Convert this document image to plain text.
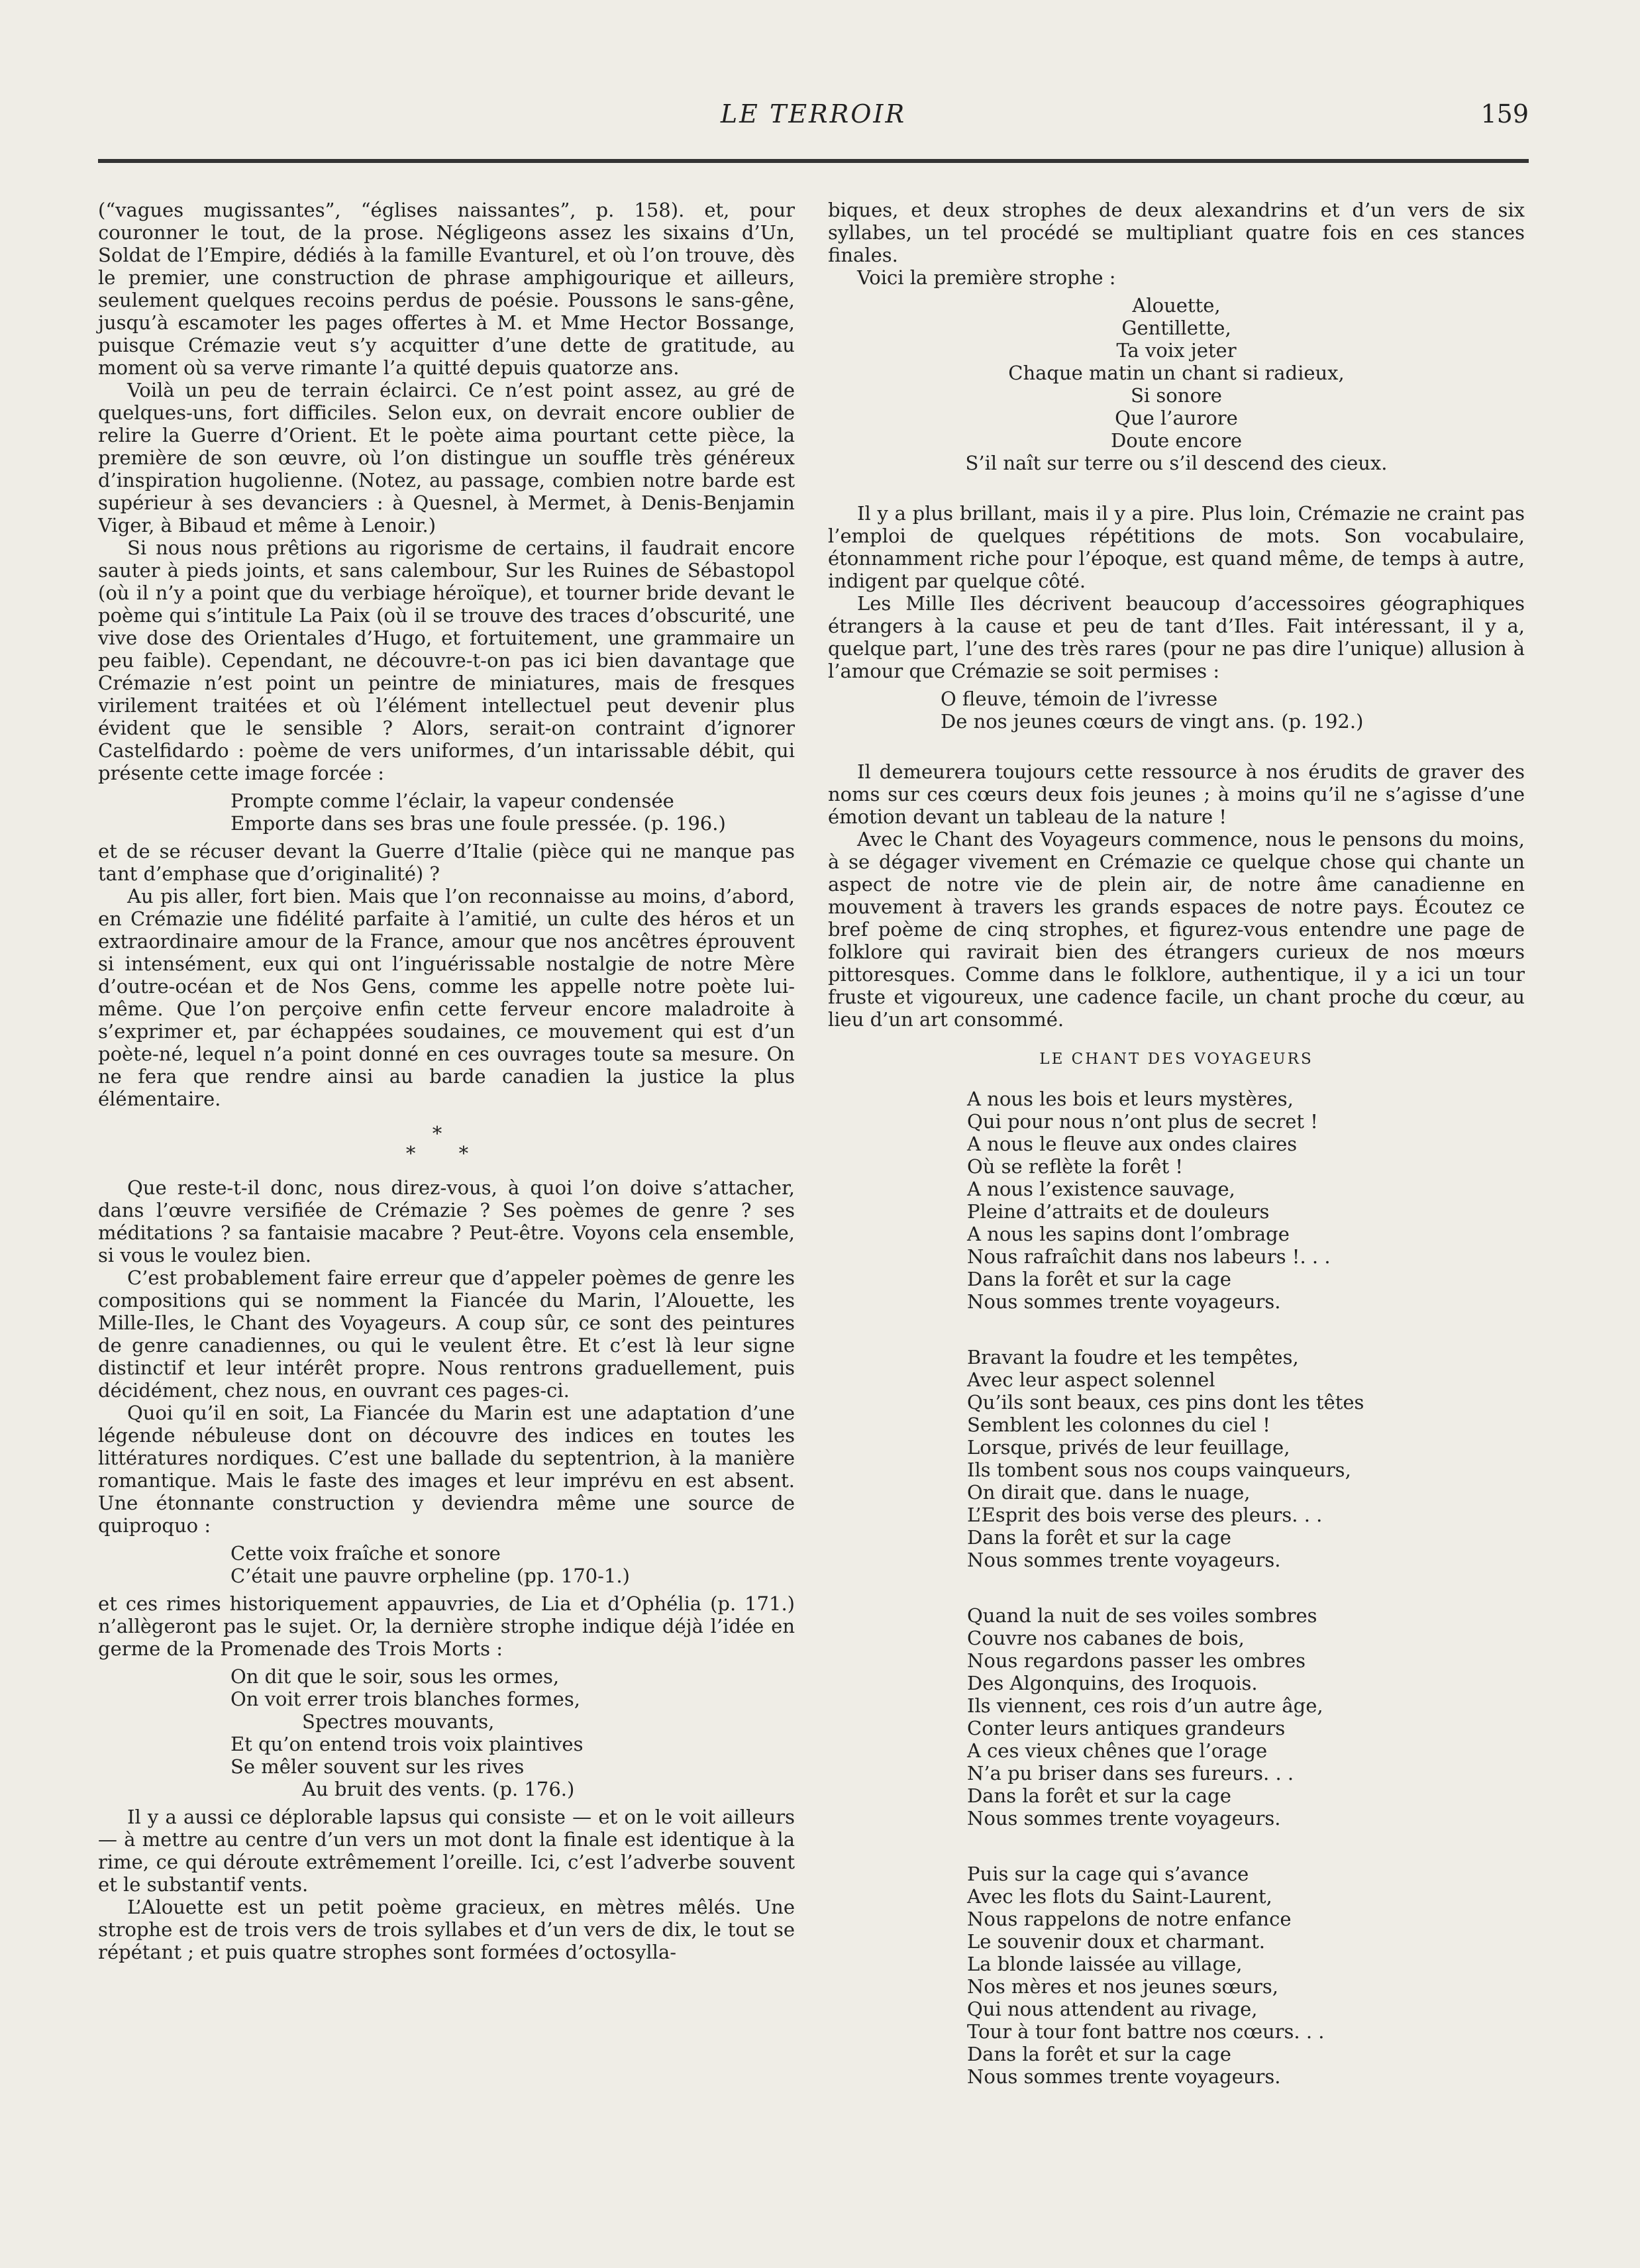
LE TERROIR	159

(“vagues mugissantes”, “églises naissantes”, p. 158). et, pour couronner le tout, de la prose. Négligeons assez les sixains d’Un, Soldat de l’Empire, dédiés à la famille Evanturel, et où l’on trouve, dès le premier, une construction de phrase amphigourique et ailleurs, seulement quelques recoins perdus de poésie. Poussons le sans-gêne, jusqu’à escamoter les pages offertes à M. et Mme Hector Bossange, puisque Crémazie veut s’y acquitter d’une dette de gratitude, au moment où sa verve rimante l’a quitté depuis quatorze ans.

Voilà un peu de terrain éclairci. Ce n’est point assez, au gré de quelques-uns, fort difficiles. Selon eux, on devrait encore oublier de relire la Guerre d’Orient. Et le poète aima pourtant cette pièce, la première de son œuvre, où l’on distingue un souffle très généreux d’inspiration hugolienne. (Notez, au passage, combien notre barde est supérieur à ses devanciers : à Quesnel, à Mermet, à Denis-Benjamin Viger, à Bibaud et même à Lenoir.)

Si nous nous prêtions au rigorisme de certains, il faudrait encore sauter à pieds joints, et sans calembour, Sur les Ruines de Sébastopol (où il n’y a point que du verbiage héroïque), et tourner bride devant le poème qui s’intitule La Paix (où il se trouve des traces d’obscurité, une vive dose des Orientales d’Hugo, et fortuitement, une grammaire un peu faible). Cependant, ne découvre-t-on pas ici bien davantage que Crémazie n’est point un peintre de miniatures, mais de fresques virilement traitées et où l’élément intellectuel peut devenir plus évident que le sensible ? Alors, serait-on contraint d’ignorer Castelfidardo : poème de vers uniformes, d’un intarissable débit, qui présente cette image forcée :

Prompte comme l’éclair, la vapeur condensée
Emporte dans ses bras une foule pressée. (p. 196.)

et de se récuser devant la Guerre d’Italie (pièce qui ne manque pas tant d’emphase que d’originalité) ?

Au pis aller, fort bien. Mais que l’on reconnaisse au moins, d’abord, en Crémazie une fidélité parfaite à l’amitié, un culte des héros et un extraordinaire amour de la France, amour que nos ancêtres éprouvent si intensément, eux qui ont l’inguérissable nostalgie de notre Mère d’outre-océan et de Nos Gens, comme les appelle notre poète lui-même. Que l’on perçoive enfin cette ferveur encore maladroite à s’exprimer et, par échappées soudaines, ce mouvement qui est d’un poète-né, lequel n’a point donné en ces ouvrages toute sa mesure. On ne fera que rendre ainsi au barde canadien la justice la plus élémentaire.

*
* *

Que reste-t-il donc, nous direz-vous, à quoi l’on doive s’attacher, dans l’œuvre versifiée de Crémazie ? Ses poèmes de genre ? ses méditations ? sa fantaisie macabre ? Peut-être. Voyons cela ensemble, si vous le voulez bien.

C’est probablement faire erreur que d’appeler poèmes de genre les compositions qui se nomment la Fiancée du Marin, l’Alouette, les Mille-Iles, le Chant des Voyageurs. A coup sûr, ce sont des peintures de genre canadiennes, ou qui le veulent être. Et c’est là leur signe distinctif et leur intérêt propre. Nous rentrons graduellement, puis décidément, chez nous, en ouvrant ces pages-ci.

Quoi qu’il en soit, La Fiancée du Marin est une adaptation d’une légende nébuleuse dont on découvre des indices en toutes les littératures nordiques. C’est une ballade du septentrion, à la manière romantique. Mais le faste des images et leur imprévu en est absent. Une étonnante construction y deviendra même une source de quiproquo :

Cette voix fraîche et sonore
C’était une pauvre orpheline (pp. 170-1.)

et ces rimes historiquement appauvries, de Lia et d’Ophélia (p. 171.) n’allègeront pas le sujet. Or, la dernière strophe indique déjà l’idée en germe de la Promenade des Trois Morts :

On dit que le soir, sous les ormes,
On voit errer trois blanches formes,
Spectres mouvants,
Et qu’on entend trois voix plaintives
Se mêler souvent sur les rives
Au bruit des vents. (p. 176.)

Il y a aussi ce déplorable lapsus qui consiste — et on le voit ailleurs — à mettre au centre d’un vers un mot dont la finale est identique à la rime, ce qui déroute extrêmement l’oreille. Ici, c’est l’adverbe souvent et le substantif vents.

L’Alouette est un petit poème gracieux, en mètres mêlés. Une strophe est de trois vers de trois syllabes et d’un vers de dix, le tout se répétant ; et puis quatre strophes sont formées d’octosylla-

biques, et deux strophes de deux alexandrins et d’un vers de six syllabes, un tel procédé se multipliant quatre fois en ces stances finales.

Voici la première strophe :

Alouette,
Gentillette,
Ta voix jeter
Chaque matin un chant si radieux,
Si sonore
Que l’aurore
Doute encore
S’il naît sur terre ou s’il descend des cieux.

Il y a plus brillant, mais il y a pire. Plus loin, Crémazie ne craint pas l’emploi de quelques répétitions de mots. Son vocabulaire, étonnamment riche pour l’époque, est quand même, de temps à autre, indigent par quelque côté.

Les Mille Iles décrivent beaucoup d’accessoires géographiques étrangers à la cause et peu de tant d’Iles. Fait intéressant, il y a, quelque part, l’une des très rares (pour ne pas dire l’unique) allusion à l’amour que Crémazie se soit permises :

O fleuve, témoin de l’ivresse
De nos jeunes cœurs de vingt ans. (p. 192.)

Il demeurera toujours cette ressource à nos érudits de graver des noms sur ces cœurs deux fois jeunes ; à moins qu’il ne s’agisse d’une émotion devant un tableau de la nature !

Avec le Chant des Voyageurs commence, nous le pensons du moins, à se dégager vivement en Crémazie ce quelque chose qui chante un aspect de notre vie de plein air, de notre âme canadienne en mouvement à travers les grands espaces de notre pays. Écoutez ce bref poème de cinq strophes, et figurez-vous entendre une page de folklore qui ravirait bien des étrangers curieux de nos mœurs pittoresques. Comme dans le folklore, authentique, il y a ici un tour fruste et vigoureux, une cadence facile, un chant proche du cœur, au lieu d’un art consommé.

LE CHANT DES VOYAGEURS
A nous les bois et leurs mystères,
Qui pour nous n’ont plus de secret !
A nous le fleuve aux ondes claires
Où se reflète la forêt !
A nous l’existence sauvage,
Pleine d’attraits et de douleurs
A nous les sapins dont l’ombrage
Nous rafraîchit dans nos labeurs !. . .
Dans la forêt et sur la cage
Nous sommes trente voyageurs.
Bravant la foudre et les tempêtes,
Avec leur aspect solennel
Qu’ils sont beaux, ces pins dont les têtes
Semblent les colonnes du ciel !
Lorsque, privés de leur feuillage,
Ils tombent sous nos coups vainqueurs,
On dirait que. dans le nuage,
L’Esprit des bois verse des pleurs. . .
Dans la forêt et sur la cage
Nous sommes trente voyageurs.
Quand la nuit de ses voiles sombres
Couvre nos cabanes de bois,
Nous regardons passer les ombres
Des Algonquins, des Iroquois.
Ils viennent, ces rois d’un autre âge,
Conter leurs antiques grandeurs
A ces vieux chênes que l’orage
N’a pu briser dans ses fureurs. . .
Dans la forêt et sur la cage
Nous sommes trente voyageurs.
Puis sur la cage qui s’avance
Avec les flots du Saint-Laurent,
Nous rappelons de notre enfance
Le souvenir doux et charmant.
La blonde laissée au village,
Nos mères et nos jeunes sœurs,
Qui nous attendent au rivage,
Tour à tour font battre nos cœurs. . .
Dans la forêt et sur la cage
Nous sommes trente voyageurs.
